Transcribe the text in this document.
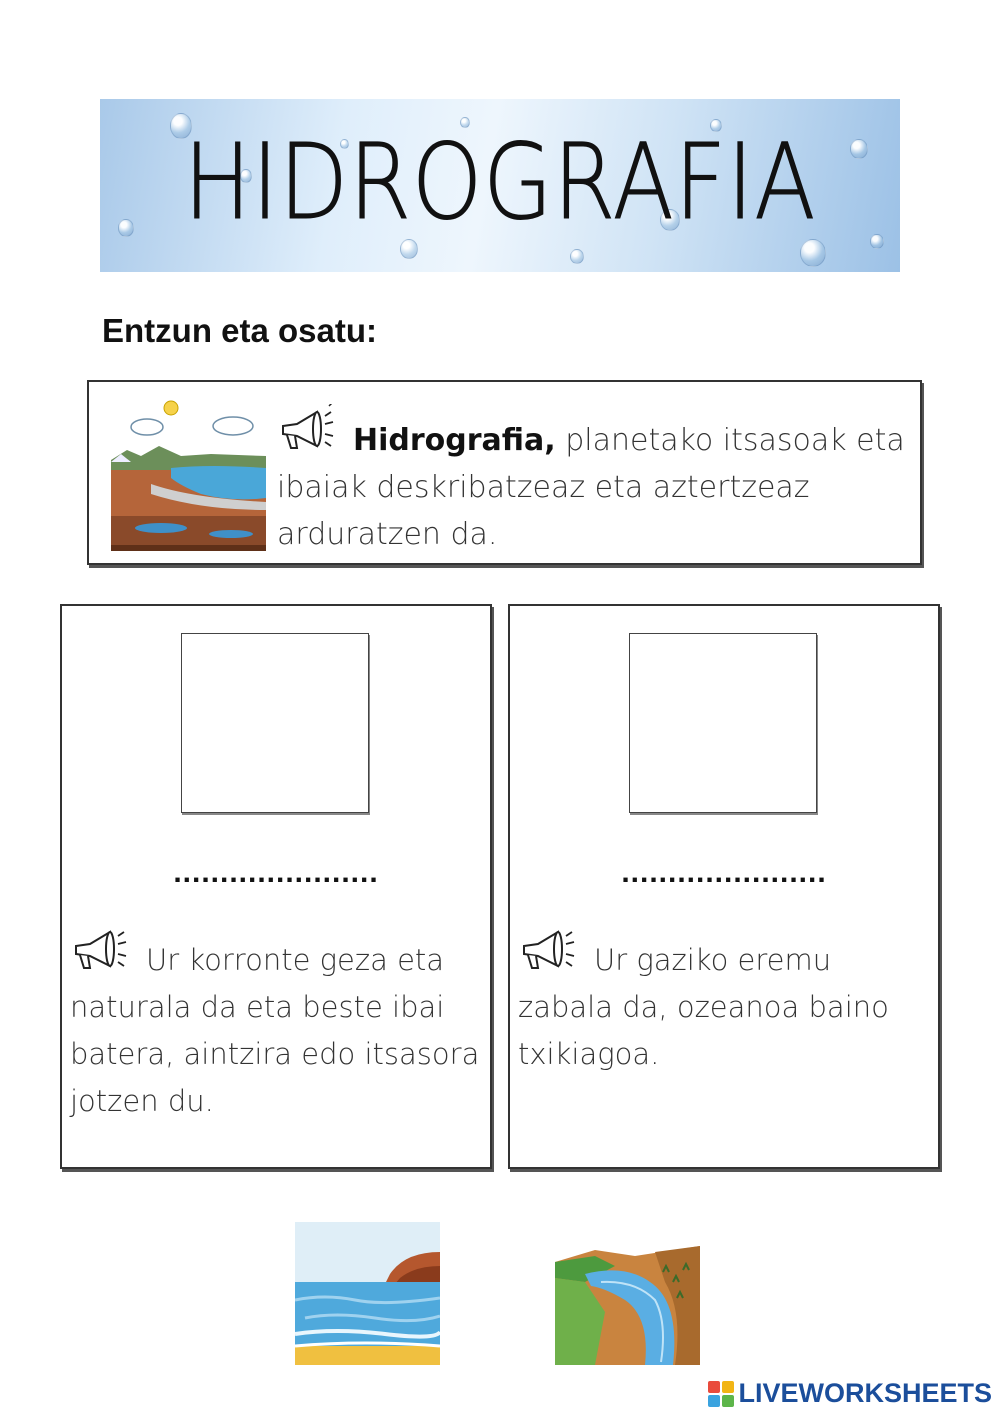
HIDROGRAFIA
Entzun eta osatu:
Hidrografia, planetako itsasoak eta ibaiak deskribatzeaz eta aztertzeaz arduratzen da.
......................
Ur korronte geza eta naturala da eta beste ibai batera, aintzira edo itsasora jotzen du.
......................
Ur gaziko eremu zabala da, ozeanoa baino txikiagoa.
LIVEWORKSHEETS
